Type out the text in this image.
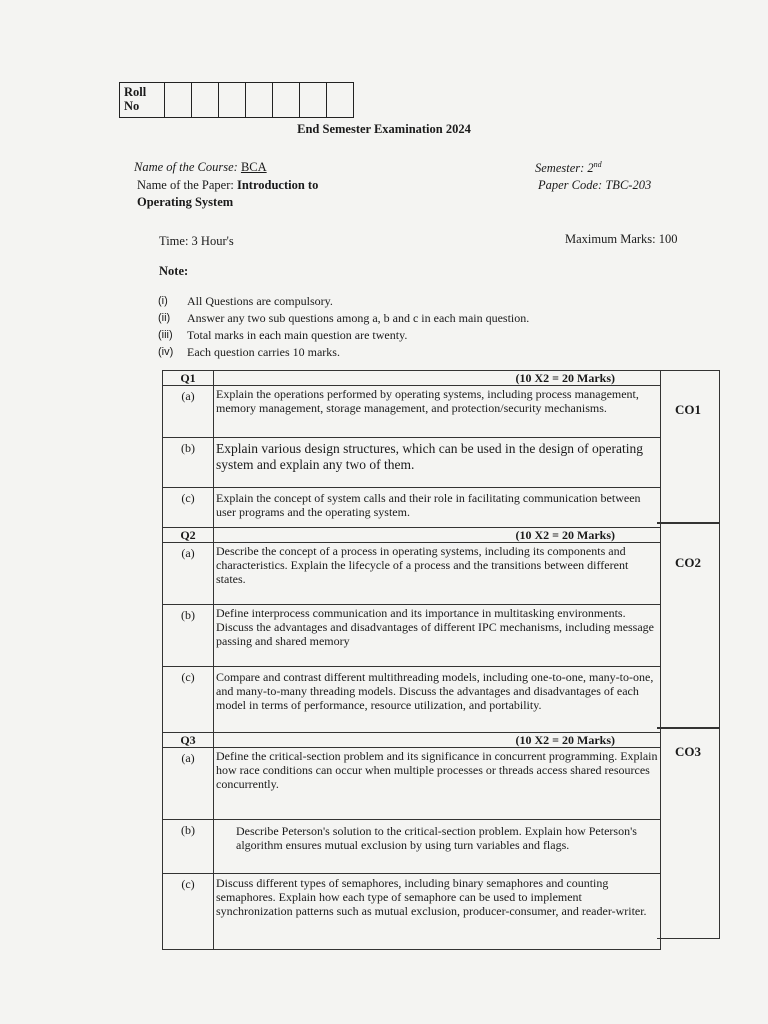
Roll No							
End Semester Examination 2024
Name of the Course: BCA	Semester: 2nd
Name of the Paper: Introduction to
Operating System
Paper Code: TBC-203
Time: 3 Hour's	Maximum Marks: 100
Note:
(i)	All Questions are compulsory.
(ii)	Answer any two sub questions among a, b and c in each main question.
(iii)	Total marks in each main question are twenty.
(iv)	Each question carries 10 marks.
CO1
CO2
CO3
Q1	(10 X2 = 20 Marks)
(a)	Explain the operations performed by operating systems, including process management, memory management, storage management, and protection/security mechanisms.
(b)	Explain various design structures, which can be used in the design of operating system and explain any two of them.
(c)	Explain the concept of system calls and their role in facilitating communication between user programs and the operating system.
Q2	(10 X2 = 20 Marks)
(a)	Describe the concept of a process in operating systems, including its components and characteristics. Explain the lifecycle of a process and the transitions between different states.
(b)	Define interprocess communication and its importance in multitasking environments. Discuss the advantages and disadvantages of different IPC mechanisms, including message passing and shared memory
(c)	Compare and contrast different multithreading models, including one-to-one, many-to-one, and many-to-many threading models. Discuss the advantages and disadvantages of each model in terms of performance, resource utilization, and portability.
Q3	(10 X2 = 20 Marks)
(a)	Define the critical-section problem and its significance in concurrent programming. Explain how race conditions can occur when multiple processes or threads access shared resources concurrently.
(b)	Describe Peterson's solution to the critical-section problem. Explain how Peterson's algorithm ensures mutual exclusion by using turn variables and flags.
(c)	Discuss different types of semaphores, including binary semaphores and counting semaphores. Explain how each type of semaphore can be used to implement synchronization patterns such as mutual exclusion, producer-consumer, and reader-writer.
